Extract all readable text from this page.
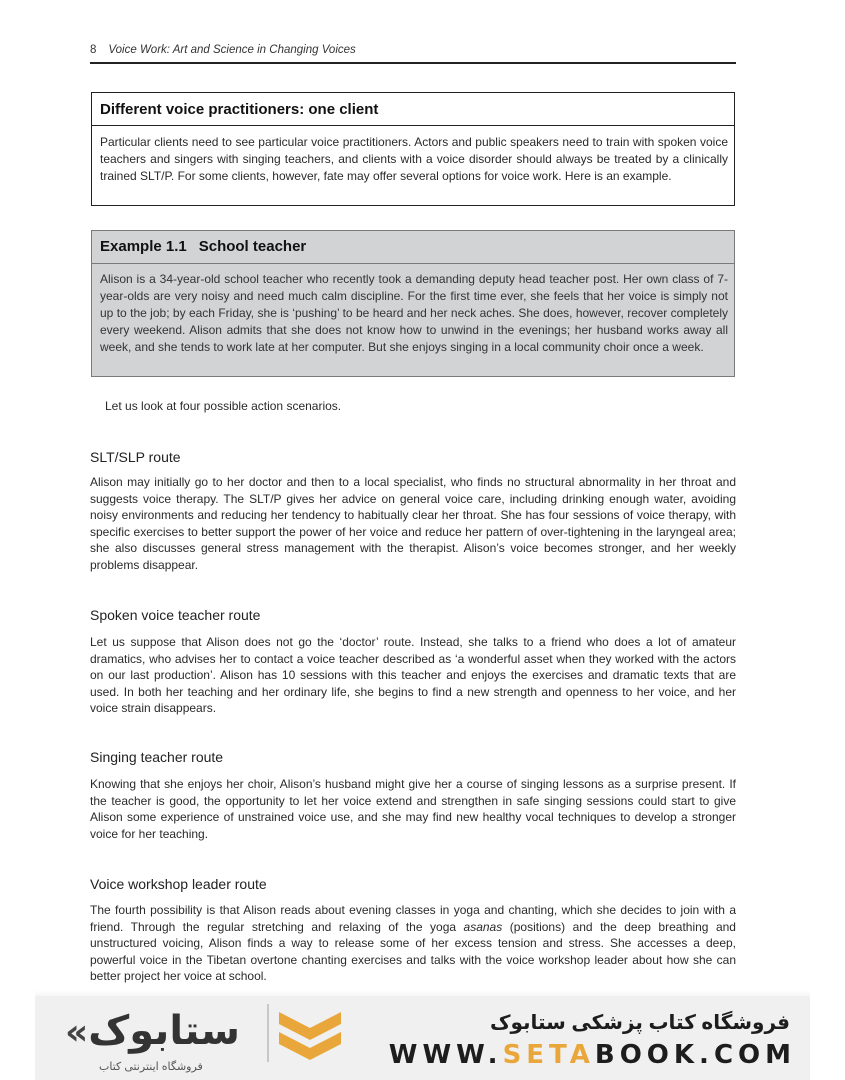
8 Voice Work: Art and Science in Changing Voices
Different voice practitioners: one client
Particular clients need to see particular voice practitioners. Actors and public speakers need to train with spoken voice teachers and singers with singing teachers, and clients with a voice disorder should always be treated by a clinically trained SLT/P. For some clients, however, fate may offer several options for voice work. Here is an example.
Example 1.1 School teacher
Alison is a 34-year-old school teacher who recently took a demanding deputy head teacher post. Her own class of 7-year-olds are very noisy and need much calm discipline. For the first time ever, she feels that her voice is simply not up to the job; by each Friday, she is ‘pushing’ to be heard and her neck aches. She does, however, recover completely every weekend. Alison admits that she does not know how to unwind in the evenings; her husband works away all week, and she tends to work late at her computer. But she enjoys singing in a local community choir once a week.
Let us look at four possible action scenarios.
SLT/SLP route
Alison may initially go to her doctor and then to a local specialist, who finds no structural abnormality in her throat and suggests voice therapy. The SLT/P gives her advice on general voice care, including drinking enough water, avoiding noisy environments and reducing her tendency to habitually clear her throat. She has four sessions of voice therapy, with specific exercises to better support the power of her voice and reduce her pattern of over-tightening in the laryngeal area; she also discusses general stress management with the therapist. Alison’s voice becomes stronger, and her weekly problems disappear.
Spoken voice teacher route
Let us suppose that Alison does not go the ‘doctor’ route. Instead, she talks to a friend who does a lot of amateur dramatics, who advises her to contact a voice teacher described as ‘a wonderful asset when they worked with the actors on our last production’. Alison has 10 sessions with this teacher and enjoys the exercises and dramatic texts that are used. In both her teaching and her ordinary life, she begins to find a new strength and openness to her voice, and her voice strain disappears.
Singing teacher route
Knowing that she enjoys her choir, Alison’s husband might give her a course of singing lessons as a surprise present. If the teacher is good, the opportunity to let her voice extend and strengthen in safe singing sessions could start to give Alison some experience of unstrained voice use, and she may find new healthy vocal techniques to develop a stronger voice for her teaching.
Voice workshop leader route
The fourth possibility is that Alison reads about evening classes in yoga and chanting, which she decides to join with a friend. Through the regular stretching and relaxing of the yoga asanas (positions) and the deep breathing and unstructured voicing, Alison finds a way to release some of her excess tension and stress. She accesses a deep, powerful voice in the Tibetan overtone chanting exercises and talks with the voice workshop leader about how she can better project her voice at school.
«ستابوک
فروشگاه اینترنتی کتاب
فروشگاه کتاب پزشکی ستابوک
WWW.SETABOOK.COM
